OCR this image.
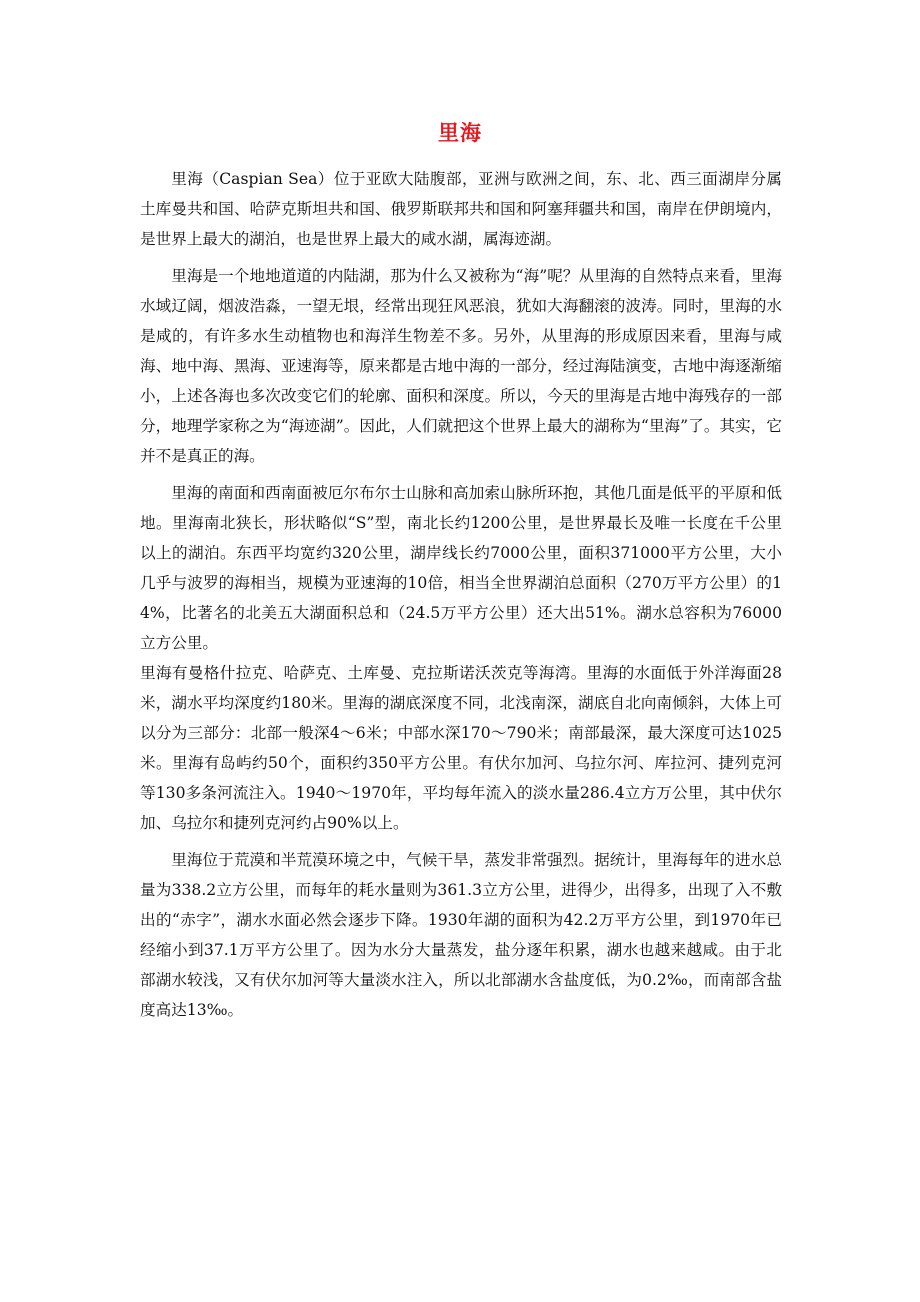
里海

里海（Caspian Sea）位于亚欧大陆腹部，亚洲与欧洲之间，东、北、西三面湖岸分属土库曼共和国、哈萨克斯坦共和国、俄罗斯联邦共和国和阿塞拜疆共和国，南岸在伊朗境内，是世界上最大的湖泊，也是世界上最大的咸水湖，属海迹湖。

里海是一个地地道道的内陆湖，那为什么又被称为“海”呢？从里海的自然特点来看，里海水域辽阔，烟波浩淼，一望无垠，经常出现狂风恶浪，犹如大海翻滚的波涛。同时，里海的水是咸的，有许多水生动植物也和海洋生物差不多。另外，从里海的形成原因来看，里海与咸海、地中海、黑海、亚速海等，原来都是古地中海的一部分，经过海陆演变，古地中海逐渐缩小，上述各海也多次改变它们的轮廓、面积和深度。所以，今天的里海是古地中海残存的一部分，地理学家称之为“海迹湖”。因此，人们就把这个世界上最大的湖称为“里海”了。其实，它并不是真正的海。

里海的南面和西南面被厄尔布尔士山脉和高加索山脉所环抱，其他几面是低平的平原和低地。里海南北狭长，形状略似“S”型，南北长约1200公里，是世界最长及唯一长度在千公里以上的湖泊。东西平均宽约320公里，湖岸线长约7000公里，面积371000平方公里，大小几乎与波罗的海相当，规模为亚速海的10倍，相当全世界湖泊总面积（270万平方公里）的14%，比著名的北美五大湖面积总和（24.5万平方公里）还大出51%。湖水总容积为76000立方公里。

里海有曼格什拉克、哈萨克、土库曼、克拉斯诺沃茨克等海湾。里海的水面低于外洋海面28米，湖水平均深度约180米。里海的湖底深度不同，北浅南深，湖底自北向南倾斜，大体上可以分为三部分：北部一般深4～6米；中部水深170～790米；南部最深，最大深度可达1025米。里海有岛屿约50个，面积约350平方公里。有伏尔加河、乌拉尔河、库拉河、捷列克河等130多条河流注入。1940～1970年，平均每年流入的淡水量286.4立方万公里，其中伏尔加、乌拉尔和捷列克河约占90%以上。

里海位于荒漠和半荒漠环境之中，气候干旱，蒸发非常强烈。据统计，里海每年的进水总量为338.2立方公里，而每年的耗水量则为361.3立方公里，进得少，出得多，出现了入不敷出的“赤字”，湖水水面必然会逐步下降。1930年湖的面积为42.2万平方公里，到1970年已经缩小到37.1万平方公里了。因为水分大量蒸发，盐分逐年积累，湖水也越来越咸。由于北部湖水较浅，又有伏尔加河等大量淡水注入，所以北部湖水含盐度低，为0.2‰，而南部含盐度高达13‰。
